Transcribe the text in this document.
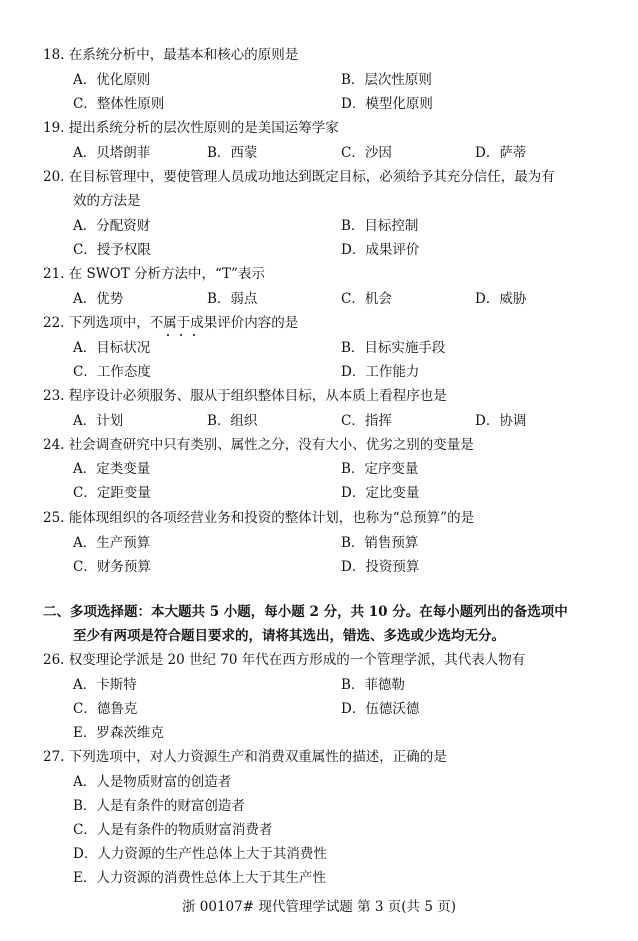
18. 在系统分析中，最基本和核心的原则是
A．优化原则	B．层次性原则
C．整体性原则	D．模型化原则
19. 提出系统分析的层次性原则的是美国运筹学家
A．贝塔朗菲	B．西蒙	C．沙因	D．萨蒂
20. 在目标管理中，要使管理人员成功地达到既定目标，必须给予其充分信任，最为有
效的方法是
A．分配资财	B．目标控制
C．授予权限	D．成果评价
21. 在 SWOT 分析方法中，“T”表示
A．优势	B．弱点	C．机会	D．威胁
22. 下列选项中，不属于成果评价内容的是
A．目标状况	B．目标实施手段
C．工作态度	D．工作能力
23. 程序设计必须服务、服从于组织整体目标，从本质上看程序也是
A．计划	B．组织	C．指挥	D．协调
24. 社会调查研究中只有类别、属性之分，没有大小、优劣之别的变量是
A．定类变量	B．定序变量
C．定距变量	D．定比变量
25. 能体现组织的各项经营业务和投资的整体计划，也称为“总预算”的是
A．生产预算	B．销售预算
C．财务预算	D．投资预算
二、多项选择题：本大题共 5 小题，每小题 2 分，共 10 分。在每小题列出的备选项中
至少有两项是符合题目要求的，请将其选出，错选、多选或少选均无分。
26. 权变理论学派是 20 世纪 70 年代在西方形成的一个管理学派，其代表人物有
A．卡斯特	B．菲德勒
C．德鲁克	D．伍德沃德
E．罗森茨维克
27. 下列选项中，对人力资源生产和消费双重属性的描述，正确的是
A．人是物质财富的创造者
B．人是有条件的财富创造者
C．人是有条件的物质财富消费者
D．人力资源的生产性总体上大于其消费性
E．人力资源的消费性总体上大于其生产性
浙 00107# 现代管理学试题 第 3 页(共 5 页)
